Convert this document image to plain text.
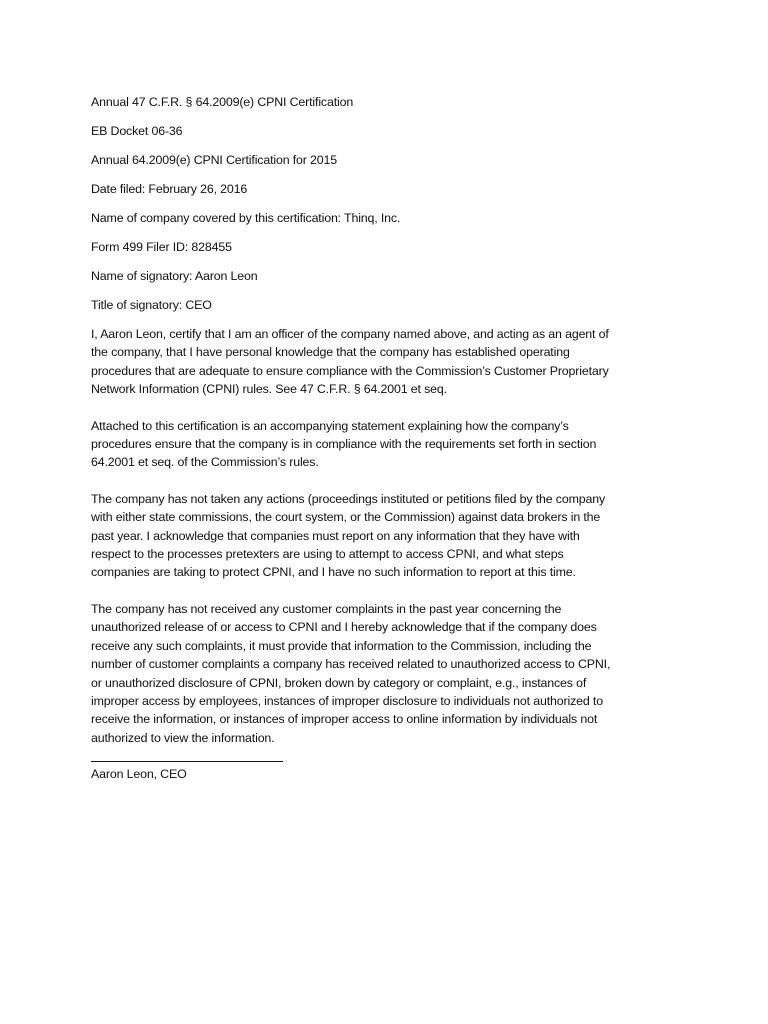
Annual 47 C.F.R. § 64.2009(e) CPNI Certification
EB Docket 06-36
Annual 64.2009(e) CPNI Certification for 2015
Date filed: February 26, 2016
Name of company covered by this certification: Thinq, Inc.
Form 499 Filer ID: 828455
Name of signatory: Aaron Leon
Title of signatory: CEO

I, Aaron Leon, certify that I am an officer of the company named above, and acting as an agent of the company, that I have personal knowledge that the company has established operating procedures that are adequate to ensure compliance with the Commission’s Customer Proprietary Network Information (CPNI) rules. See 47 C.F.R. § 64.2001 et seq.

Attached to this certification is an accompanying statement explaining how the company’s procedures ensure that the company is in compliance with the requirements set forth in section 64.2001 et seq. of the Commission’s rules.

The company has not taken any actions (proceedings instituted or petitions filed by the company with either state commissions, the court system, or the Commission) against data brokers in the past year. I acknowledge that companies must report on any information that they have with respect to the processes pretexters are using to attempt to access CPNI, and what steps companies are taking to protect CPNI, and I have no such information to report at this time.

The company has not received any customer complaints in the past year concerning the unauthorized release of or access to CPNI and I hereby acknowledge that if the company does receive any such complaints, it must provide that information to the Commission, including the number of customer complaints a company has received related to unauthorized access to CPNI, or unauthorized disclosure of CPNI, broken down by category or complaint, e.g., instances of improper access by employees, instances of improper disclosure to individuals not authorized to receive the information, or instances of improper access to online information by individuals not authorized to view the information.

Aaron Leon, CEO
